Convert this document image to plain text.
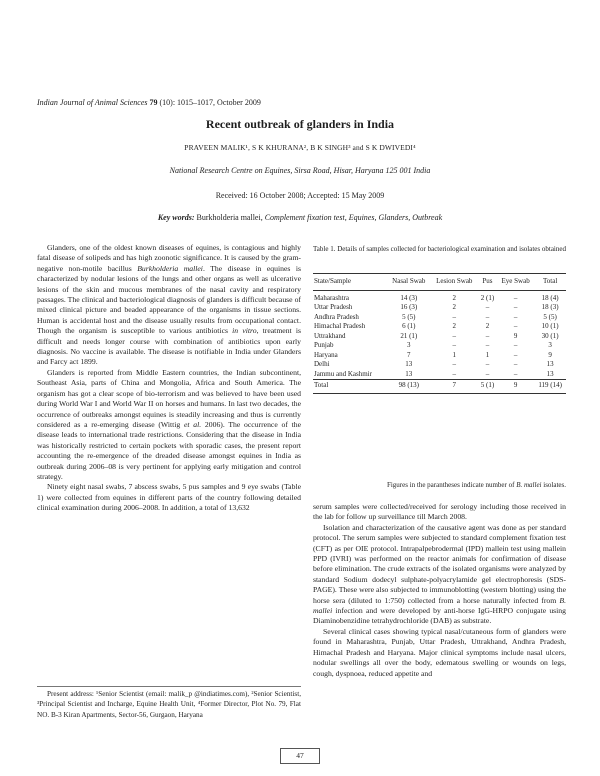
Indian Journal of Animal Sciences 79 (10): 1015–1017, October 2009
Recent outbreak of glanders in India
PRAVEEN MALIK¹, S K KHURANA², B K SINGH³ and S K DWIVEDI⁴
National Research Centre on Equines, Sirsa Road, Hisar, Haryana 125 001 India
Received: 16 October 2008; Accepted: 15 May 2009
Key words: Burkholderia mallei, Complement fixation test, Equines, Glanders, Outbreak

Glanders, one of the oldest known diseases of equines, is contagious and highly fatal disease of solipeds and has high zoonotic significance. It is caused by the gram-negative non-motile bacillus Burkholderia mallei. The disease in equines is characterized by nodular lesions of the lungs and other organs as well as ulcerative lesions of the skin and mucous membranes of the nasal cavity and respiratory passages. The clinical and bacteriological diagnosis of glanders is difficult because of mixed clinical picture and beaded appearance of the organisms in tissue sections. Human is accidental host and the disease usually results from occupational contact. Though the organism is susceptible to various antibiotics in vitro, treatment is difficult and needs longer course with combination of antibiotics upon early diagnosis. No vaccine is available. The disease is notifiable in India under Glanders and Farcy act 1899.

Glanders is reported from Middle Eastern countries, the Indian subcontinent, Southeast Asia, parts of China and Mongolia, Africa and South America. The organism has got a clear scope of bio-terrorism and was believed to have been used during World War I and World War II on horses and humans. In last two decades, the occurrence of outbreaks amongst equines is steadily increasing and thus is currently considered as a re-emerging disease (Wittig et al. 2006). The occurrence of the disease leads to international trade restrictions. Considering that the disease in India was historically restricted to certain pockets with sporadic cases, the present report accounting the re-emergence of the dreaded disease amongst equines in India as outbreak during 2006–08 is very pertinent for applying early mitigation and control strategy.

Ninety eight nasal swabs, 7 abscess swabs, 5 pus samples and 9 eye swabs (Table 1) were collected from equines in different parts of the country following detailed clinical examination during 2006–2008. In addition, a total of 13,632

Present address: ¹Senior Scientist (email: malik_p @indiatimes.com), ²Senior Scientist, ³Principal Scientist and Incharge, Equine Health Unit, ⁴Former Director, Plot No. 79, Flat NO. B-3 Kiran Apartments, Sector-56, Gurgaon, Haryana
Table 1. Details of samples collected for bacteriological examination and isolates obtained
State/Sample	Nasal Swab	Lesion Swab	Pus	Eye Swab	Total
Maharashtra	14 (3)	2	2 (1)	–	18 (4)
Uttar Pradesh	16 (3)	2	–	–	18 (3)
Andhra Pradesh	5 (5)	–	–	–	5 (5)
Himachal Pradesh	6 (1)	2	2	–	10 (1)
Uttrakhand	21 (1)	–	–	9	30 (1)
Punjab	3	–	–	–	3
Haryana	7	1	1	–	9
Delhi	13	–	–	–	13
Jammu and Kashmir	13	–	–	–	13
Total	98 (13)	7	5 (1)	9	119 (14)
Figures in the parantheses indicate number of B. mallei isolates.

serum samples were collected/received for serology including those received in the lab for follow up surveillance till March 2008.

Isolation and characterization of the causative agent was done as per standard protocol. The serum samples were subjected to standard complement fixation test (CFT) as per OIE protocol. Intrapalpebrodermal (IPD) mallein test using mallein PPD (IVRI) was performed on the reactor animals for confirmation of disease before elimination. The crude extracts of the isolated organisms were analyzed by standard Sodium dodecyl sulphate-polyacrylamide gel electrophoresis (SDS-PAGE). These were also subjected to immunoblotting (western blotting) using the horse sera (diluted to 1:750) collected from a horse naturally infected from B. mallei infection and were developed by anti-horse IgG-HRPO conjugate using Diaminobenzidine tetrahydrochloride (DAB) as substrate.

Several clinical cases showing typical nasal/cutaneous form of glanders were found in Maharashtra, Punjab, Uttar Pradesh, Uttrakhand, Andhra Pradesh, Himachal Pradesh and Haryana. Major clinical symptoms include nasal ulcers, nodular swellings all over the body, edematous swelling or wounds on legs, cough, dyspnoea, reduced appetite and

47
